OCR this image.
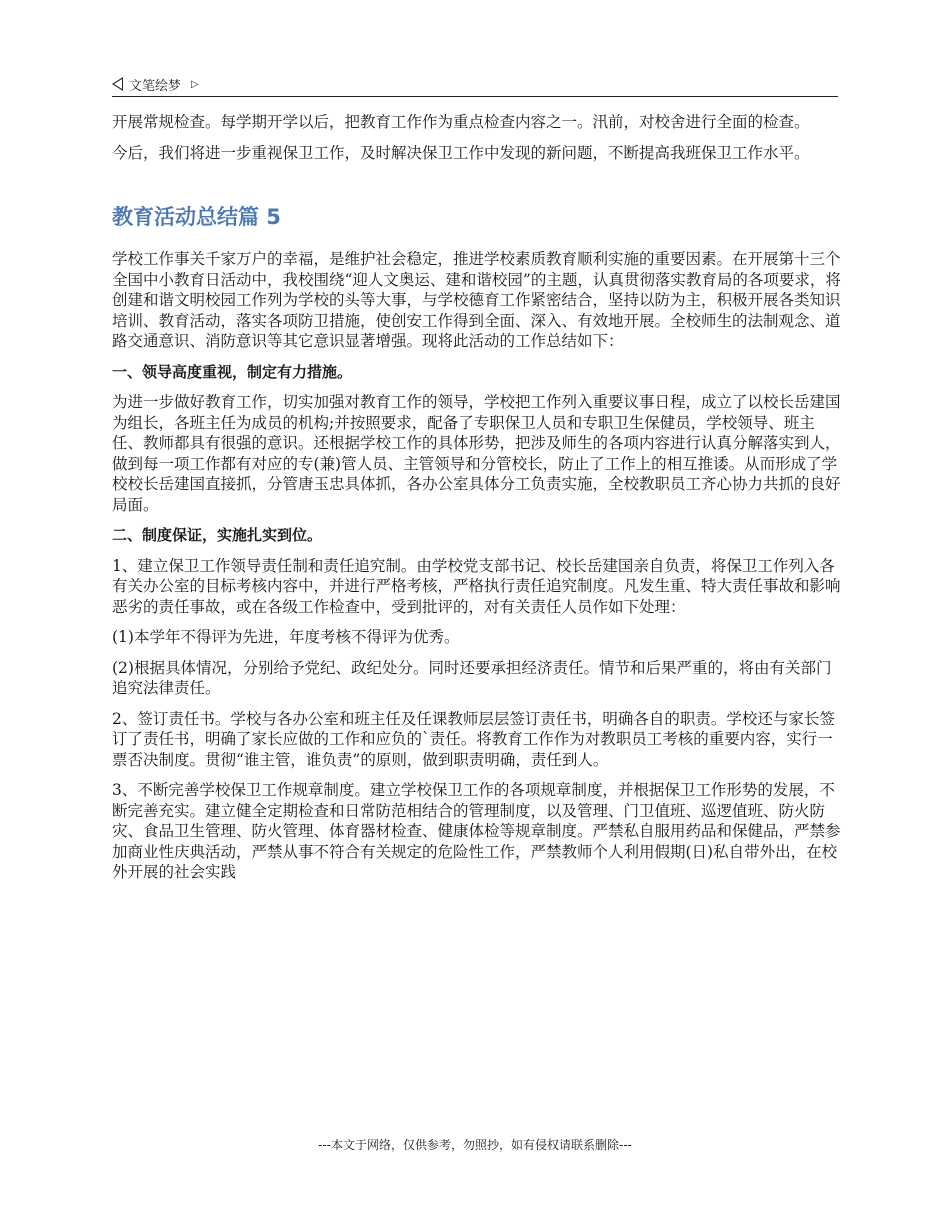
文笔绘梦 ▷

开展常规检查。每学期开学以后，把教育工作作为重点检查内容之一。汛前，对校舍进行全面的检查。

今后，我们将进一步重视保卫工作，及时解决保卫工作中发现的新问题，不断提高我班保卫工作水平。

教育活动总结篇 5

学校工作事关千家万户的幸福，是维护社会稳定，推进学校素质教育顺利实施的重要因素。在开展第十三个全国中小教育日活动中，我校围绕“迎人文奥运、建和谐校园”的主题，认真贯彻落实教育局的各项要求，将创建和谐文明校园工作列为学校的头等大事，与学校德育工作紧密结合，坚持以防为主，积极开展各类知识培训、教育活动，落实各项防卫措施，使创安工作得到全面、深入、有效地开展。全校师生的法制观念、道路交通意识、消防意识等其它意识显著增强。现将此活动的工作总结如下：

一、领导高度重视，制定有力措施。

为进一步做好教育工作，切实加强对教育工作的领导，学校把工作列入重要议事日程，成立了以校长岳建国为组长，各班主任为成员的机构;并按照要求，配备了专职保卫人员和专职卫生保健员，学校领导、班主任、教师都具有很强的意识。还根据学校工作的具体形势，把涉及师生的各项内容进行认真分解落实到人，做到每一项工作都有对应的专(兼)管人员、主管领导和分管校长，防止了工作上的相互推诿。从而形成了学校校长岳建国直接抓，分管唐玉忠具体抓，各办公室具体分工负责实施，全校教职员工齐心协力共抓的良好局面。

二、制度保证，实施扎实到位。

1、建立保卫工作领导责任制和责任追究制。由学校党支部书记、校长岳建国亲自负责，将保卫工作列入各有关办公室的目标考核内容中，并进行严格考核，严格执行责任追究制度。凡发生重、特大责任事故和影响恶劣的责任事故，或在各级工作检查中，受到批评的，对有关责任人员作如下处理：

(1)本学年不得评为先进，年度考核不得评为优秀。

(2)根据具体情况，分别给予党纪、政纪处分。同时还要承担经济责任。情节和后果严重的，将由有关部门追究法律责任。

2、签订责任书。学校与各办公室和班主任及任课教师层层签订责任书，明确各自的职责。学校还与家长签订了责任书，明确了家长应做的工作和应负的`责任。将教育工作作为对教职员工考核的重要内容，实行一票否决制度。贯彻“谁主管，谁负责”的原则，做到职责明确，责任到人。

3、不断完善学校保卫工作规章制度。建立学校保卫工作的各项规章制度，并根据保卫工作形势的发展，不断完善充实。建立健全定期检查和日常防范相结合的管理制度，以及管理、门卫值班、巡逻值班、防火防灾、食品卫生管理、防火管理、体育器材检查、健康体检等规章制度。严禁私自服用药品和保健品，严禁参加商业性庆典活动，严禁从事不符合有关规定的危险性工作，严禁教师个人利用假期(日)私自带外出，在校外开展的社会实践

---本文于网络，仅供参考，勿照抄，如有侵权请联系删除---
